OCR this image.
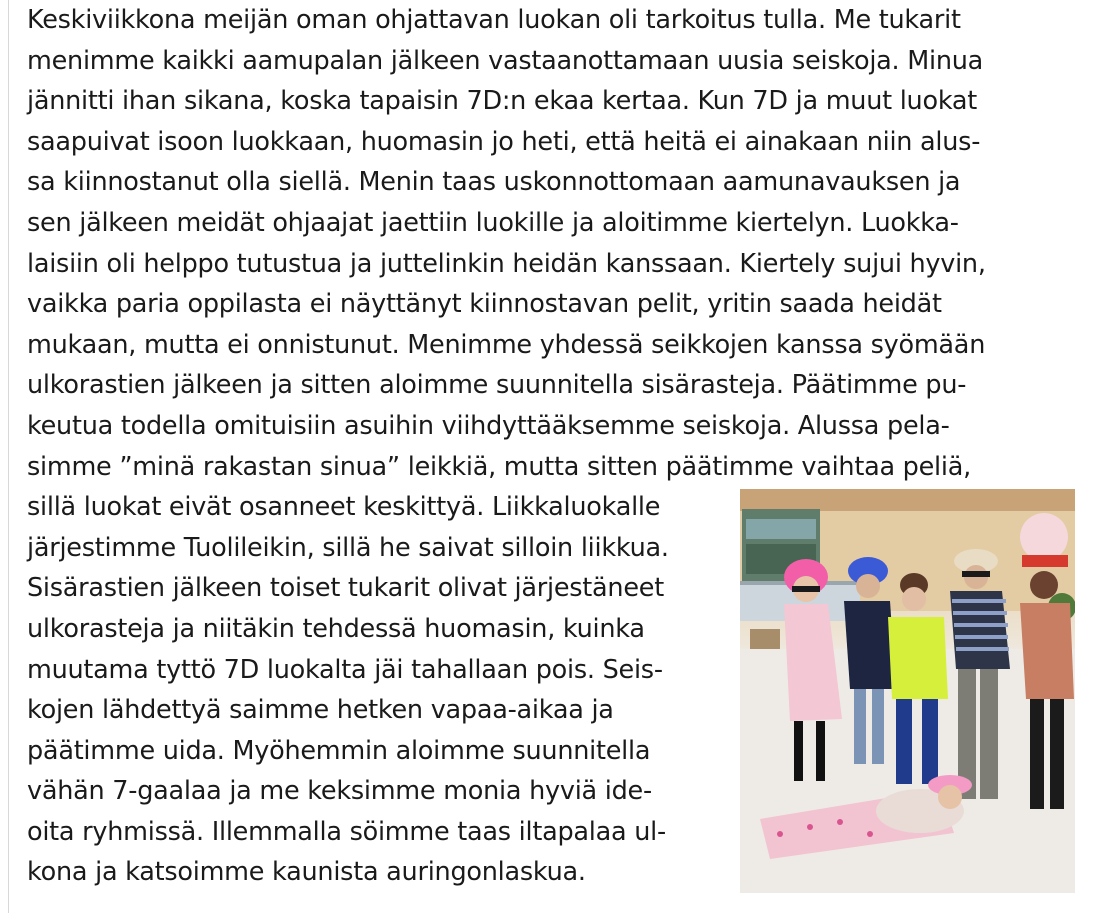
Keskiviikkona meijän oman ohjattavan luokan oli tarkoitus tulla. Me tukarit
menimme kaikki aamupalan jälkeen vastaanottamaan uusia seiskoja. Minua
jännitti ihan sikana, koska tapaisin 7D:n ekaa kertaa. Kun 7D ja muut luokat
saapuivat isoon luokkaan, huomasin jo heti, että heitä ei ainakaan niin alus-
sa kiinnostanut olla siellä. Menin taas uskonnottomaan aamunavauksen ja
sen jälkeen meidät ohjaajat jaettiin luokille ja aloitimme kiertelyn. Luokka-
laisiin oli helppo tutustua ja juttelinkin heidän kanssaan. Kiertely sujui hyvin,
vaikka paria oppilasta ei näyttänyt kiinnostavan pelit, yritin saada heidät
mukaan, mutta ei onnistunut. Menimme yhdessä seikkojen kanssa syömään
ulkorastien jälkeen ja sitten aloimme suunnitella sisärasteja. Päätimme pu-
keutua todella omituisiin asuihin viihdyttääksemme seiskoja. Alussa pela-
simme ”minä rakastan sinua” leikkiä, mutta sitten päätimme vaihtaa peliä,
sillä luokat eivät osanneet keskittyä. Liikkaluokalle
järjestimme Tuolileikin, sillä he saivat silloin liikkua.
Sisärastien jälkeen toiset tukarit olivat järjestäneet
ulkorasteja ja niitäkin tehdessä huomasin, kuinka
muutama tyttö 7D luokalta jäi tahallaan pois. Seis-
kojen lähdettyä saimme hetken vapaa-aikaa ja
päätimme uida. Myöhemmin aloimme suunnitella
vähän 7-gaalaa ja me keksimme monia hyviä ide-
oita ryhmissä. Illemmalla söimme taas iltapalaa ul-
kona ja katsoimme kaunista auringonlaskua.
